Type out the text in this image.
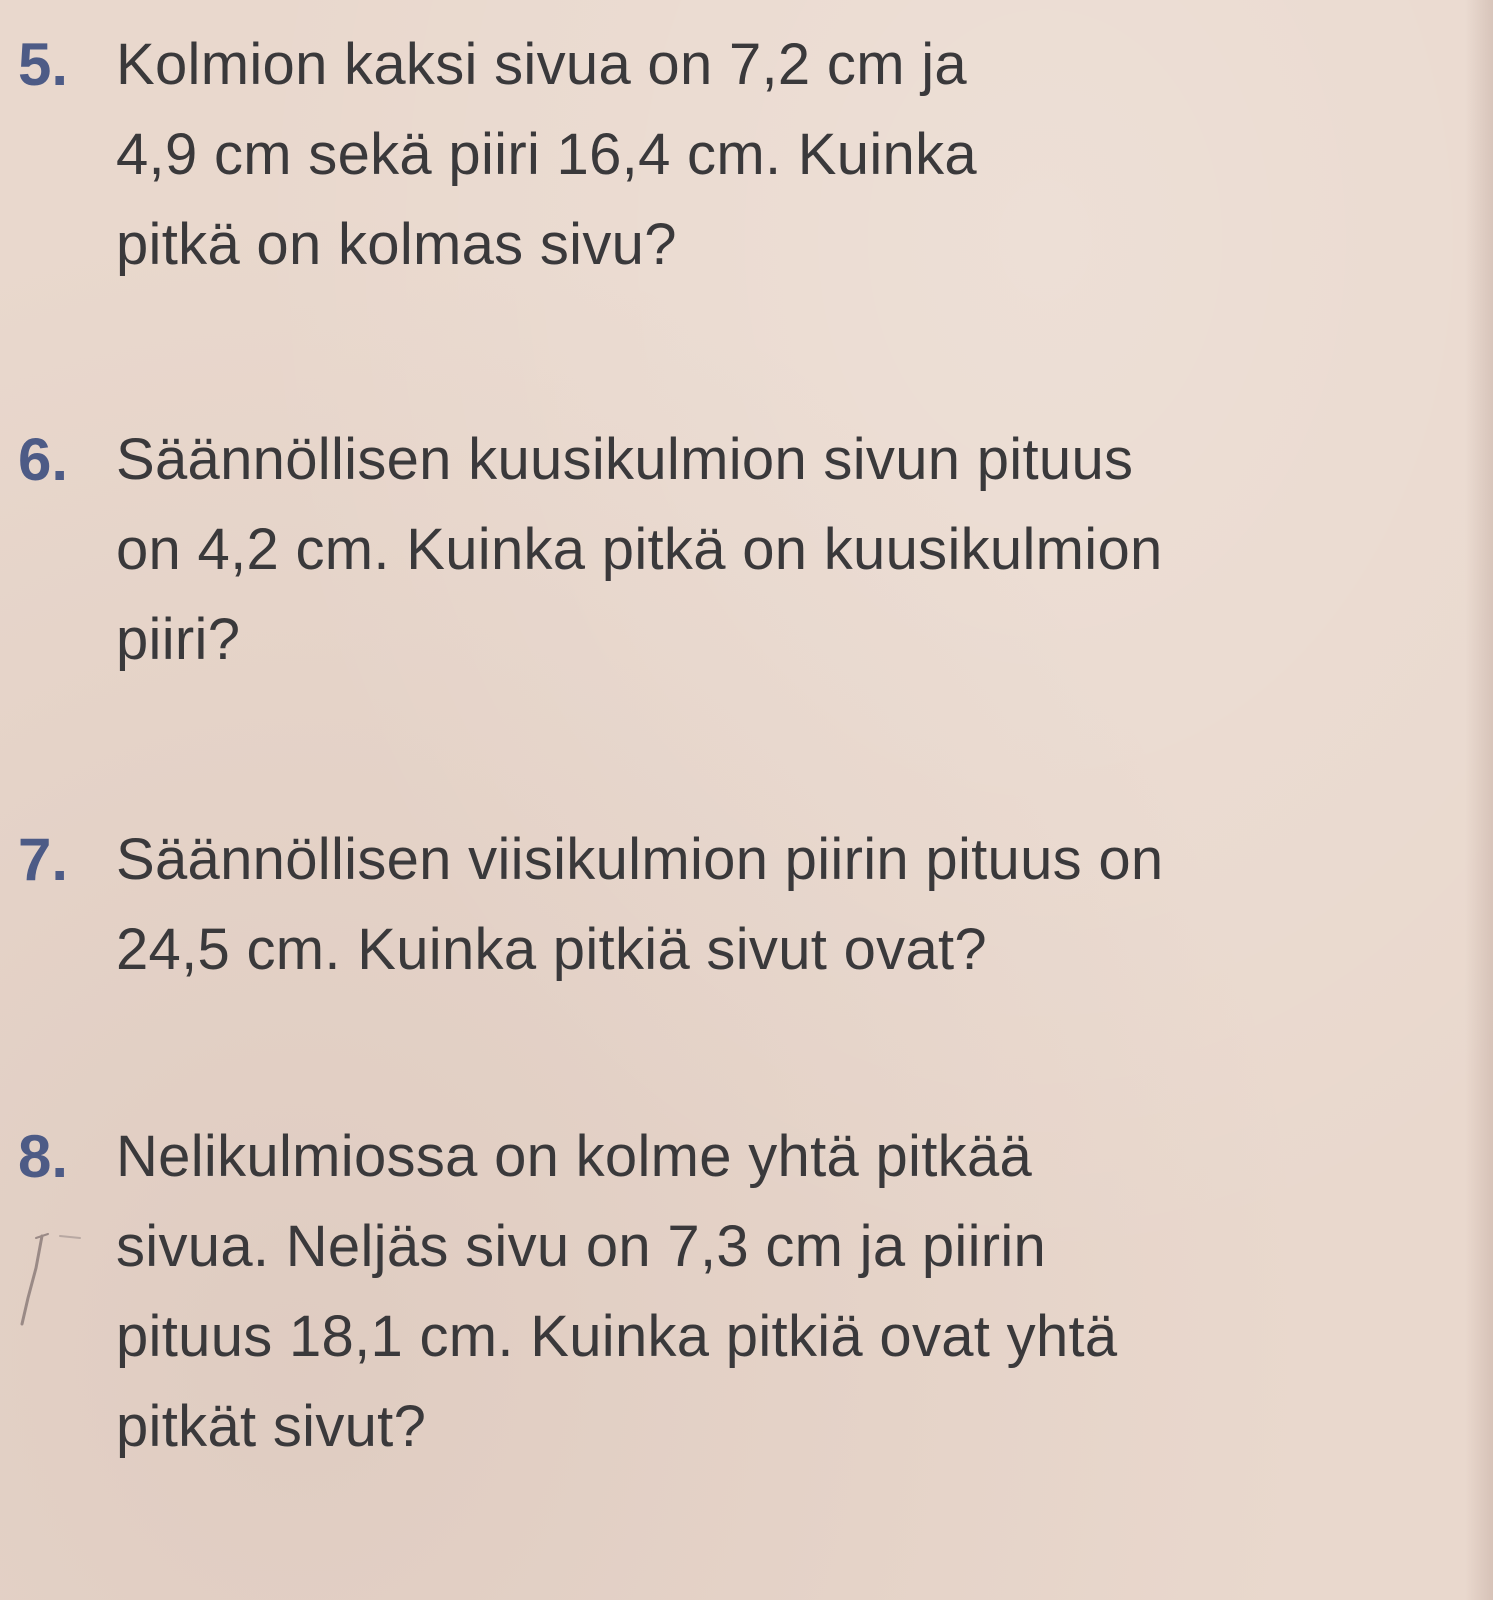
5. Kolmion kaksi sivua on 7,2 cm ja
4,9 cm sekä piiri 16,4 cm. Kuinka
pitkä on kolmas sivu?

6. Säännöllisen kuusikulmion sivun pituus
on 4,2 cm. Kuinka pitkä on kuusikulmion
piiri?

7. Säännöllisen viisikulmion piirin pituus on
24,5 cm. Kuinka pitkiä sivut ovat?

8. Nelikulmiossa on kolme yhtä pitkää
sivua. Neljäs sivu on 7,3 cm ja piirin
pituus 18,1 cm. Kuinka pitkiä ovat yhtä
pitkät sivut?
